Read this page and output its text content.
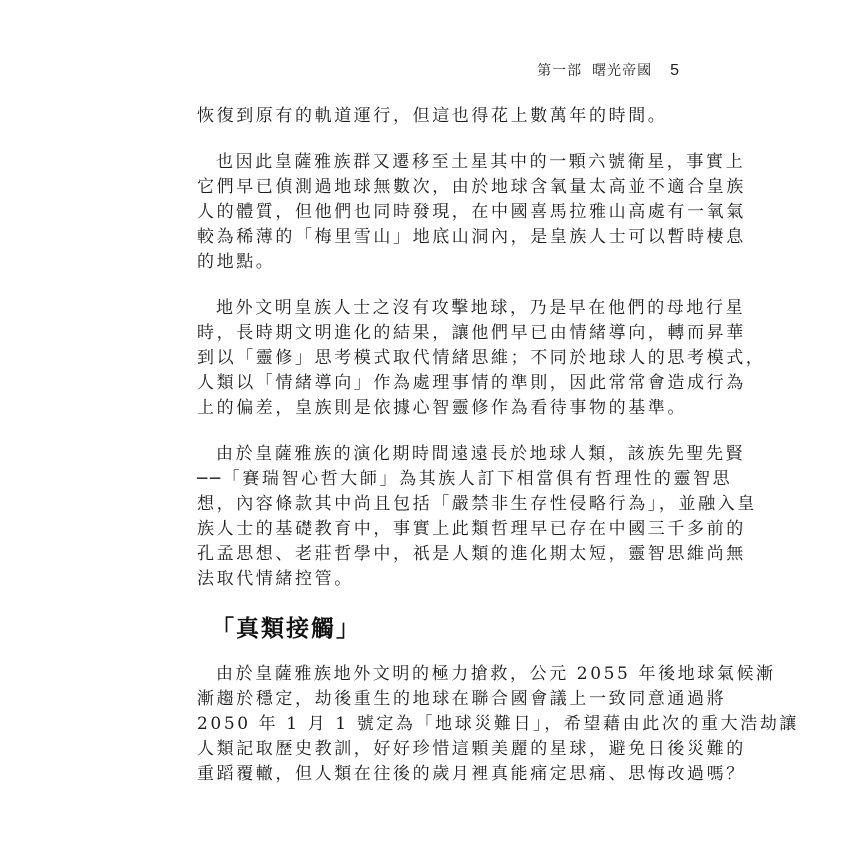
第一部 曙光帝國 5
恢復到原有的軌道運行，但這也得花上數萬年的時間。
也因此皇薩雅族群又遷移至土星其中的一顆六號衛星，事實上
它們早已偵測過地球無數次，由於地球含氧量太高並不適合皇族
人的體質，但他們也同時發現，在中國喜馬拉雅山高處有一氧氣
較為稀薄的「梅里雪山」地底山洞內，是皇族人士可以暫時棲息
的地點。
地外文明皇族人士之沒有攻擊地球，乃是早在他們的母地行星
時，長時期文明進化的結果，讓他們早已由情緒導向，轉而昇華
到以「靈修」思考模式取代情緒思維；不同於地球人的思考模式，
人類以「情緒導向」作為處理事情的準則，因此常常會造成行為
上的偏差，皇族則是依據心智靈修作為看待事物的基準。
由於皇薩雅族的演化期時間遠遠長於地球人類，該族先聖先賢
──「賽瑞智心哲大師」為其族人訂下相當俱有哲理性的靈智思
想，內容條款其中尚且包括「嚴禁非生存性侵略行為」，並融入皇
族人士的基礎教育中，事實上此類哲理早已存在中國三千多前的
孔孟思想、老莊哲學中，祇是人類的進化期太短，靈智思維尚無
法取代情緒控管。
「真類接觸」
由於皇薩雅族地外文明的極力搶救，公元 2055 年後地球氣候漸
漸趨於穩定，劫後重生的地球在聯合國會議上一致同意通過將
2050 年 1 月 1 號定為「地球災難日」，希望藉由此次的重大浩劫讓
人類記取歷史教訓，好好珍惜這顆美麗的星球，避免日後災難的
重蹈覆轍，但人類在往後的歲月裡真能痛定思痛、思悔改過嗎？
